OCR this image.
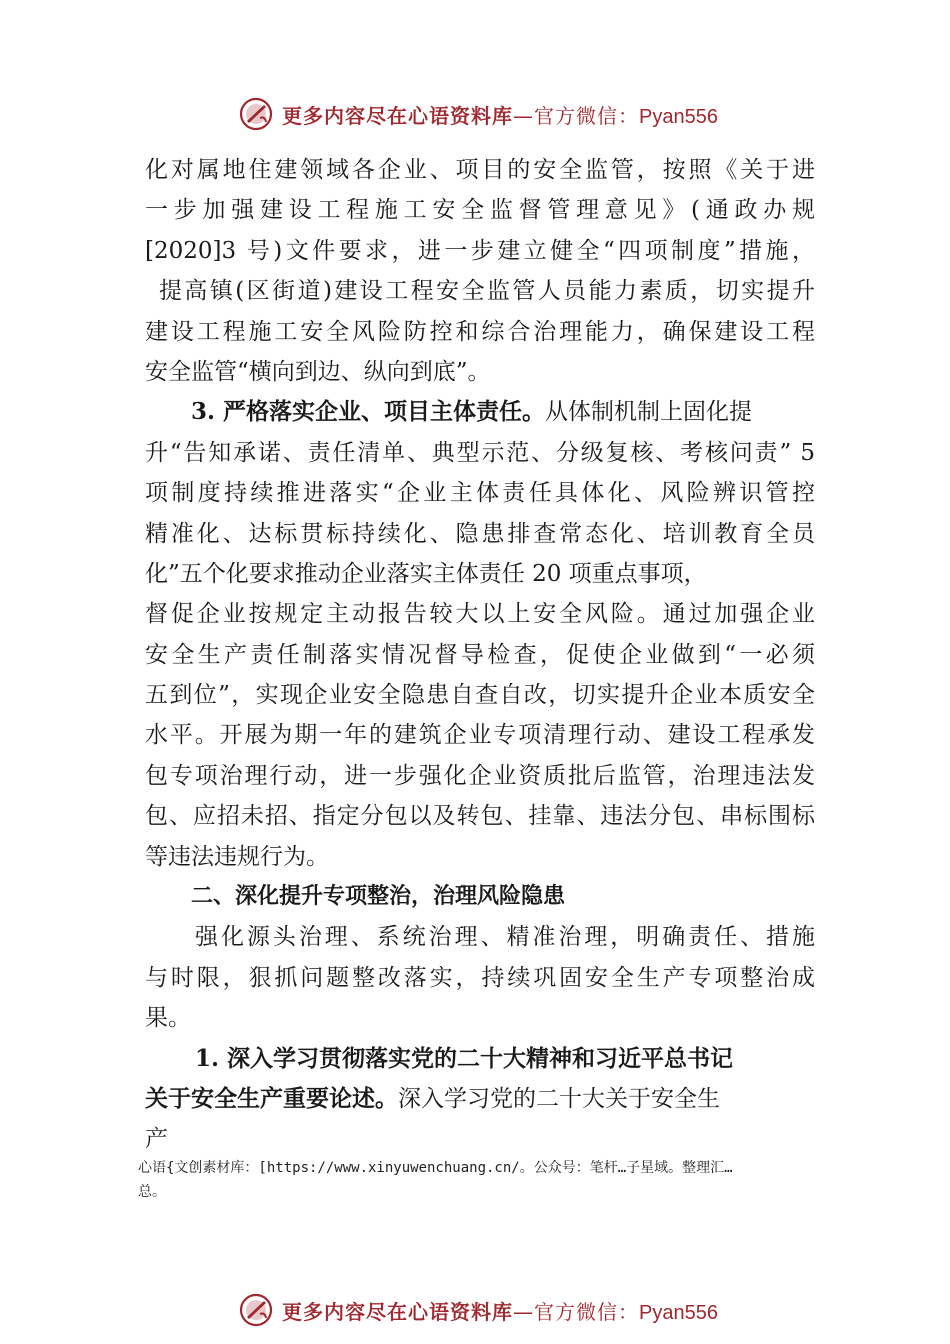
更多内容尽在心语资料库—官方微信：Pyan556
化对属地住建领域各企业、项目的安全监管，按照《关于进
一步加强建设工程施工安全监督管理意见》(通政办规
[2020]3 号)文件要求，进一步建立健全“四项制度”措施，
提高镇(区街道)建设工程安全监管人员能力素质，切实提升
建设工程施工安全风险防控和综合治理能力，确保建设工程
安全监管“横向到边、纵向到底”。
3. 严格落实企业、项目主体责任。从体制机制上固化提
升“告知承诺、责任清单、典型示范、分级复核、考核问责” 5
项制度持续推进落实“企业主体责任具体化、风险辨识管控
精准化、达标贯标持续化、隐患排查常态化、培训教育全员
化”五个化要求推动企业落实主体责任 20 项重点事项，
督促企业按规定主动报告较大以上安全风险。通过加强企业
安全生产责任制落实情况督导检查，促使企业做到“一必须
五到位”，实现企业安全隐患自查自改，切实提升企业本质安全
水平。开展为期一年的建筑企业专项清理行动、建设工程承发
包专项治理行动，进一步强化企业资质批后监管，治理违法发
包、应招未招、指定分包以及转包、挂靠、违法分包、串标围标
等违法违规行为。
二、深化提升专项整治，治理风险隐患
强化源头治理、系统治理、精准治理，明确责任、措施
与时限，狠抓问题整改落实，持续巩固安全生产专项整治成
果。
1. 深入学习贯彻落实党的二十大精神和习近平总书记
关于安全生产重要论述。深入学习党的二十大关于安全生
产
心语{文创素材库：[https://www.xinyuwenchuang.cn/。公众号：笔杆…子星域。整理汇…
总。
更多内容尽在心语资料库—官方微信：Pyan556
